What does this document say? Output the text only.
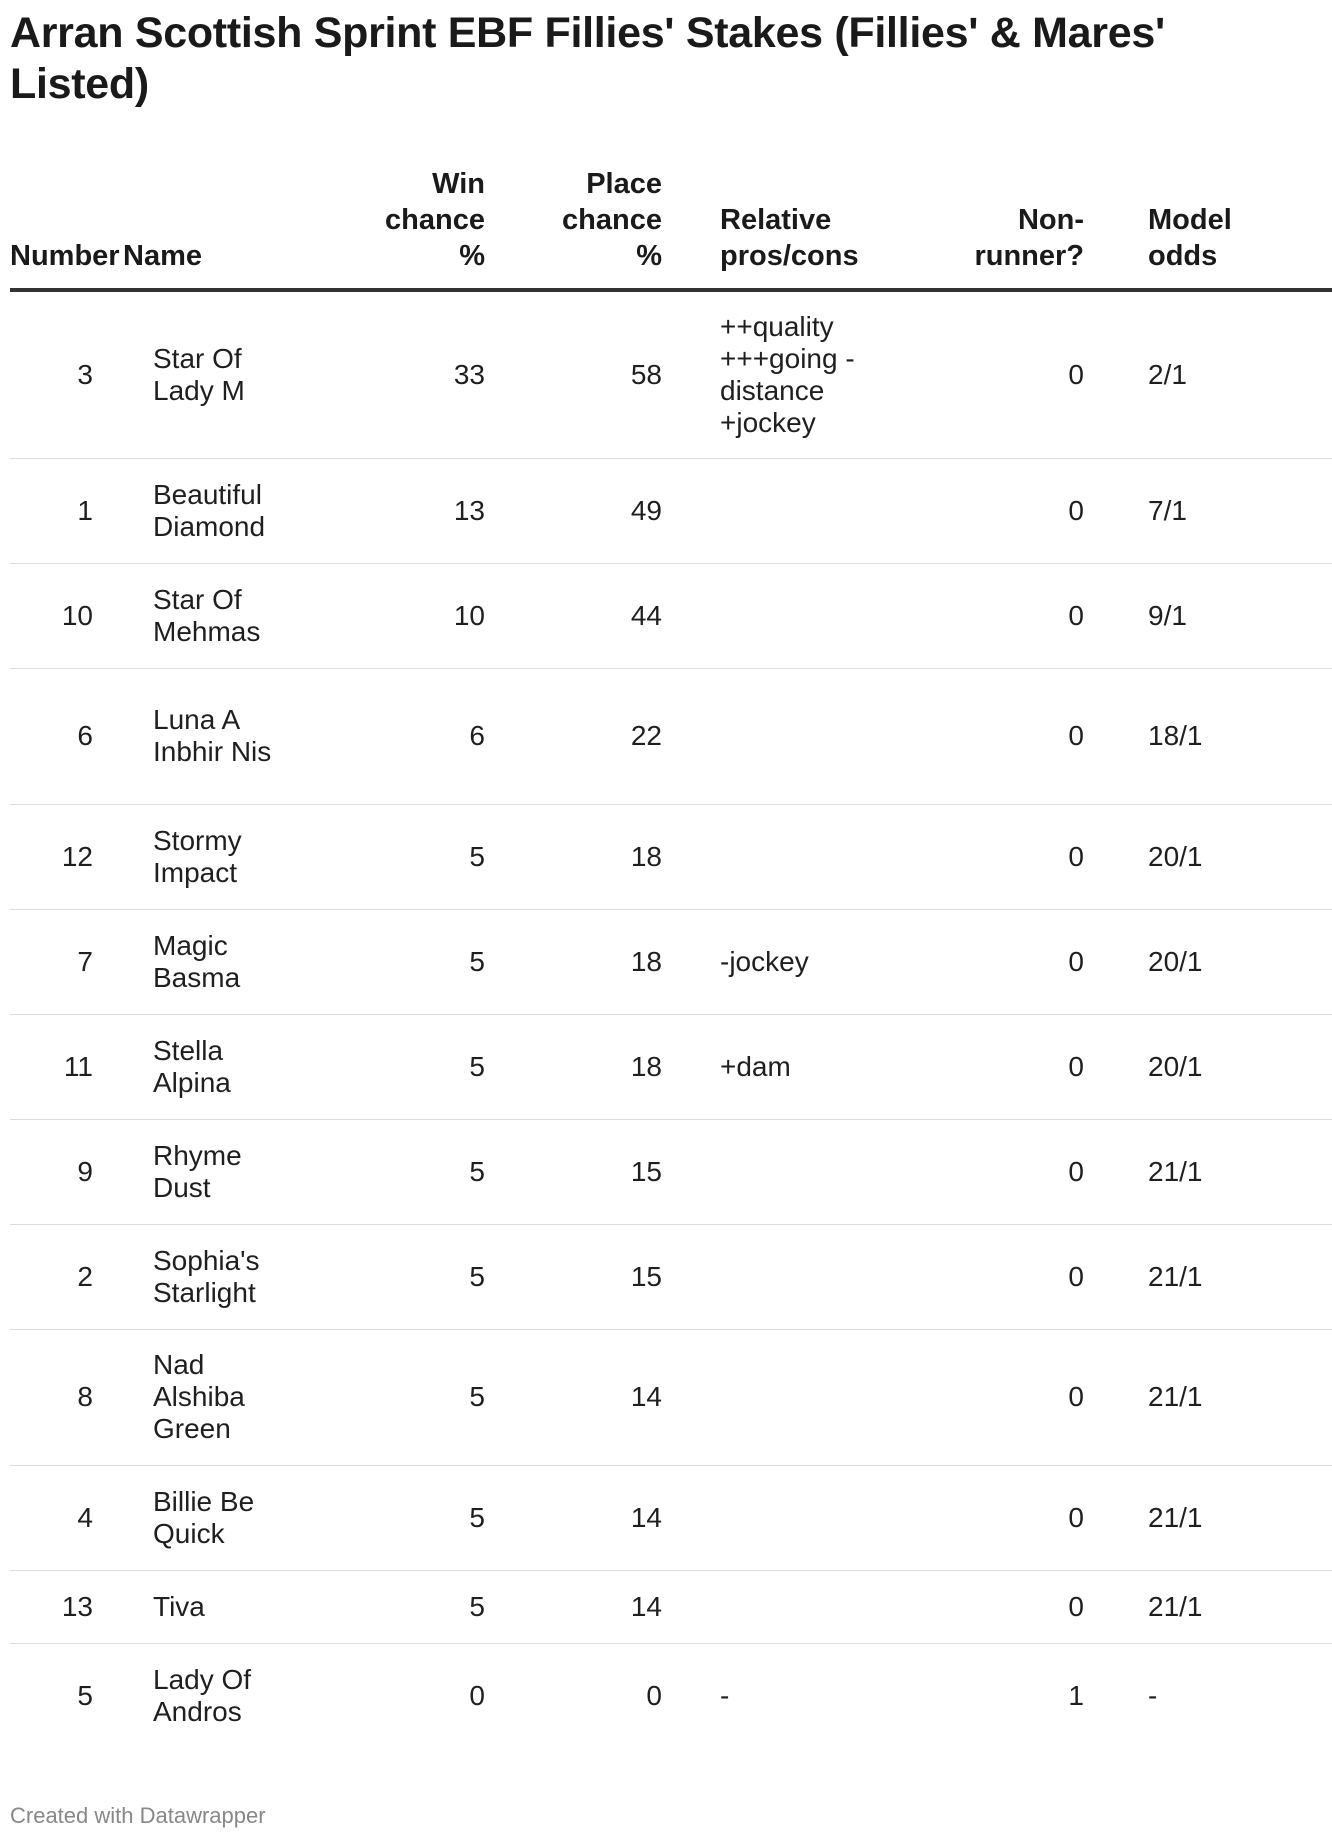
Arran Scottish Sprint EBF Fillies' Stakes (Fillies' & Mares' Listed)
Number	Name	Win chance %	Place chance %	Relative pros/cons	Non-runner?	Model odds

3	Star Of Lady M	33	58	++quality +++going -distance +jockey	0	2/1
1	Beautiful Diamond	13	49		0	7/1
10	Star Of Mehmas	10	44		0	9/1
6	Luna A Inbhir Nis	6	22		0	18/1
12	Stormy Impact	5	18		0	20/1
7	Magic Basma	5	18	-jockey	0	20/1
11	Stella Alpina	5	18	+dam	0	20/1
9	Rhyme Dust	5	15		0	21/1
2	Sophia's Starlight	5	15		0	21/1
8	Nad Alshiba Green	5	14		0	21/1
4	Billie Be Quick	5	14		0	21/1
13	Tiva	5	14		0	21/1
5	Lady Of Andros	0	0	-	1	-
Created with Datawrapper
